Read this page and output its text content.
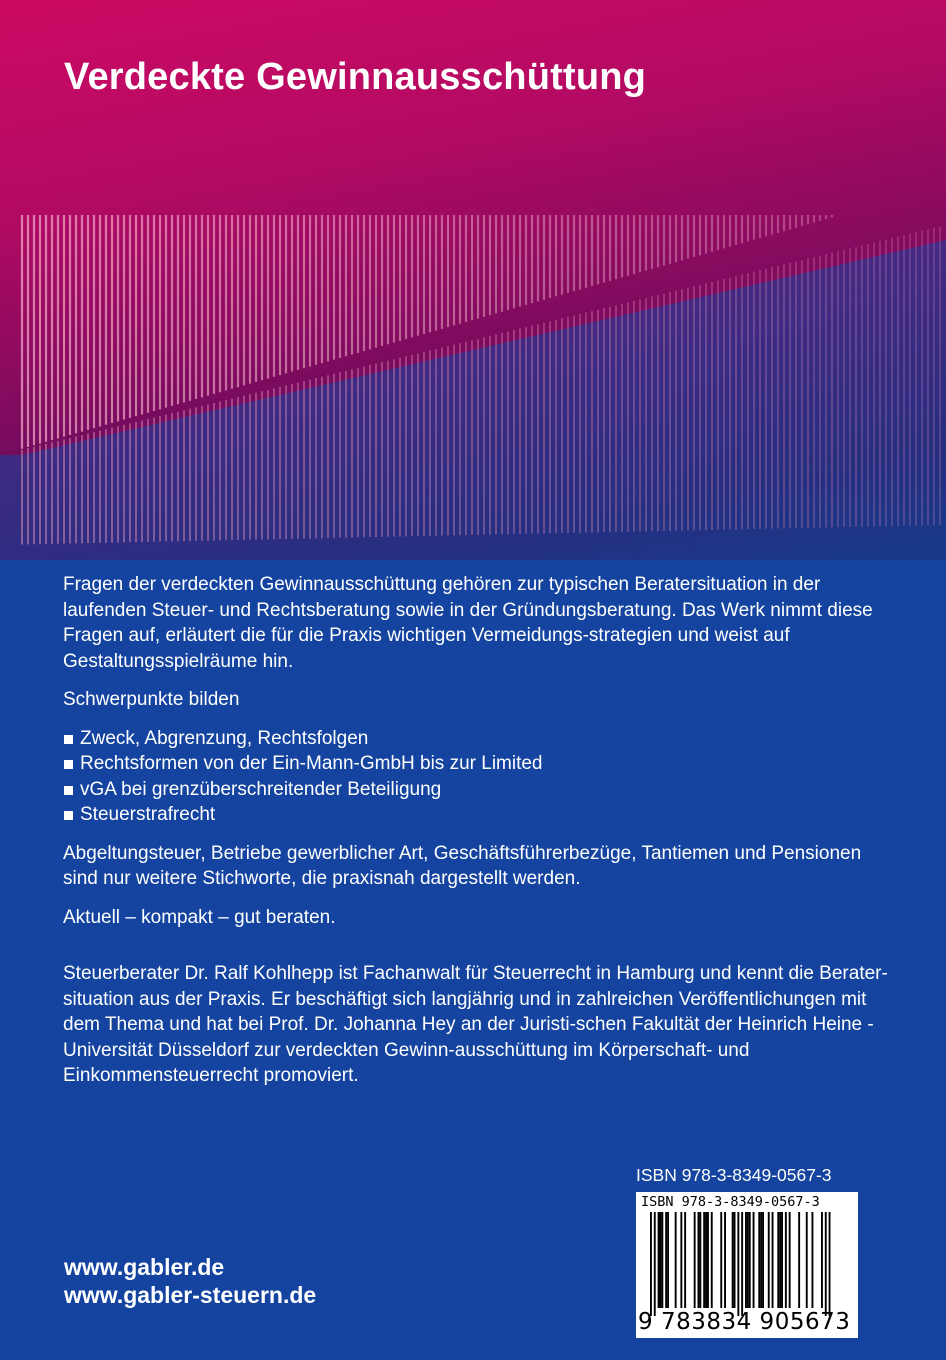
Verdeckte Gewinnausschüttung

Fragen der verdeckten Gewinnausschüttung gehören zur typischen Beratersituation in der laufenden Steuer- und Rechtsberatung sowie in der Gründungsberatung. Das Werk nimmt diese Fragen auf, erläutert die für die Praxis wichtigen Vermeidungs-strategien und weist auf Gestaltungsspielräume hin.

Schwerpunkte bilden

Zweck, Abgrenzung, Rechtsfolgen
Rechtsformen von der Ein-Mann-GmbH bis zur Limited
vGA bei grenzüberschreitender Beteiligung
Steuerstrafrecht

Abgeltungsteuer, Betriebe gewerblicher Art, Geschäftsführerbezüge, Tantiemen und Pensionen sind nur weitere Stichworte, die praxisnah dargestellt werden.

Aktuell – kompakt – gut beraten.

Steuerberater Dr. Ralf Kohlhepp ist Fachanwalt für Steuerrecht in Hamburg und kennt die Berater-situation aus der Praxis. Er beschäftigt sich langjährig und in zahlreichen Veröffentlichungen mit dem Thema und hat bei Prof. Dr. Johanna Hey an der Juristi-schen Fakultät der Heinrich Heine - Universität Düsseldorf zur verdeckten Gewinn-ausschüttung im Körperschaft- und Einkommensteuerrecht promoviert.

www.gabler.de
www.gabler-steuern.de
ISBN 978-3-8349-0567-3
ISBN 978-3-8349-0567-3
9 783834 905673
